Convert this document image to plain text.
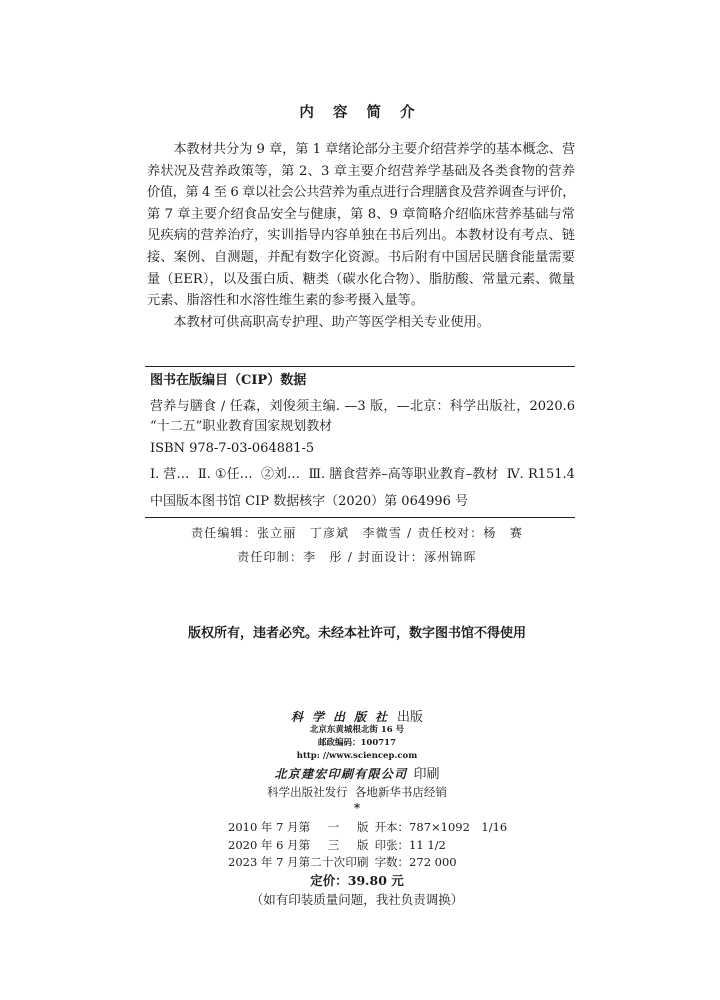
内 容 简 介
本教材共分为 9 章，第 1 章绪论部分主要介绍营养学的基本概念、营
养状况及营养政策等，第 2、3 章主要介绍营养学基础及各类食物的营养
价值，第 4 至 6 章以社会公共营养为重点进行合理膳食及营养调查与评价，
第 7 章主要介绍食品安全与健康，第 8、9 章简略介绍临床营养基础与常
见疾病的营养治疗，实训指导内容单独在书后列出。本教材设有考点、链
接、案例、自测题，并配有数字化资源。书后附有中国居民膳食能量需要
量（EER），以及蛋白质、糖类（碳水化合物）、脂肪酸、常量元素、微量
元素、脂溶性和水溶性维生素的参考摄入量等。
本教材可供高职高专护理、助产等医学相关专业使用。
图书在版编目（CIP）数据
营养与膳食 / 任森，刘俊须主编. —3 版，—北京：科学出版社，2020.6
“十二五”职业教育国家规划教材
ISBN 978-7-03-064881-5
Ⅰ. 营… Ⅱ. ①任… ②刘… Ⅲ. 膳食营养–高等职业教育–教材 Ⅳ. R151.4
中国版本图书馆 CIP 数据核字（2020）第 064996 号
责任编辑：张立丽　丁彦斌　李微雪 / 责任校对：杨　赛
责任印制：李　彤 / 封面设计：涿州锦晖
版权所有，违者必究。未经本社许可，数字图书馆不得使用
科学出版社出版
北京东黄城根北街 16 号
邮政编码：100717
http: //www.sciencep.com
北京建宏印刷有限公司 印刷
科学出版社发行  各地新华书店经销
*
2010 年 7 月 第　一　版 开本：787×1092　1/16
2020 年 6 月 第　三　版 印张：11 1/2
2023 年 7 月 第二十次印刷 字数：272 000
定价：39.80 元
（如有印装质量问题，我社负责调换）
